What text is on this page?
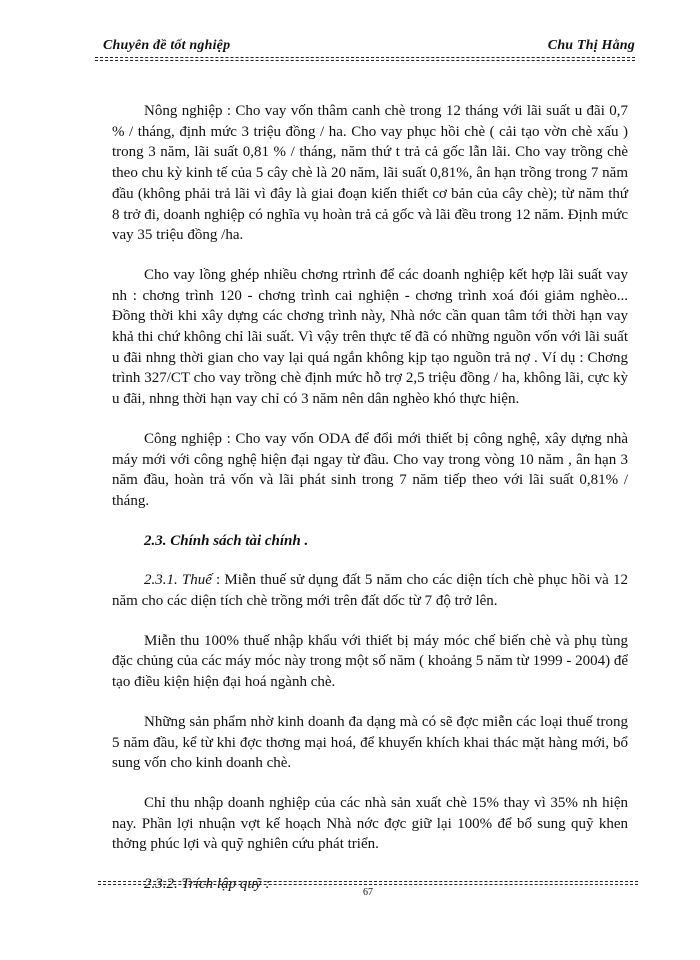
Chuyên đề tốt nghiệp	Chu Thị Hằng

Nông nghiệp : Cho vay vốn thâm canh chè trong 12 tháng với lãi suất u đãi 0,7 % / tháng, định mức 3 triệu đồng / ha. Cho vay phục hồi chè ( cải tạo vờn chè xấu ) trong 3 năm, lãi suất 0,81 % / tháng, năm thứ t trả cả gốc lẫn lãi. Cho vay trồng chè theo chu kỳ kinh tế của 5 cây chè là 20 năm, lãi suất 0,81%, ân hạn trồng trong 7 năm đầu (không phải trả lãi vì đây là giai đoạn kiến thiết cơ bản của cây chè); từ năm thứ 8 trở đi, doanh nghiệp có nghĩa vụ hoàn trả cả gốc và lãi đều trong 12 năm. Định mức vay 35 triệu đồng /ha.

Cho vay lồng ghép nhiều chơng rtrình để các doanh nghiệp kết hợp lãi suất vay nh : chơng trình 120 - chơng trình cai nghiện - chơng trình xoá đói giảm nghèo... Đồng thời khi xây dựng các chơng trình này, Nhà nớc cần quan tâm tới thời hạn vay khả thi chứ không chỉ lãi suất. Vì vậy trên thực tế đã có những nguồn vốn với lãi suất u đãi nhng thời gian cho vay lại quá ngắn không kịp tạo nguồn trả nợ . Ví dụ : Chơng trình 327/CT cho vay trồng chè định mức hỗ trợ 2,5 triệu đồng / ha, không lãi, cực kỳ u đãi, nhng thời hạn vay chỉ có 3 năm nên dân nghèo khó thực hiện.

Công nghiệp : Cho vay vốn ODA để đổi mới thiết bị công nghệ, xây dựng nhà máy mới với công nghệ hiện đại ngay từ đầu. Cho vay trong vòng 10 năm , ân hạn 3 năm đầu, hoàn trả vốn và lãi phát sinh trong 7 năm tiếp theo với lãi suất 0,81% / tháng.

2.3. Chính sách tài chính .

2.3.1. Thuế : Miễn thuế sử dụng đất 5 năm cho các diện tích chè phục hồi và 12 năm cho các diện tích chè trồng mới trên đất dốc từ 7 độ trở lên.

Miễn thu 100% thuế nhập khẩu với thiết bị máy móc chế biến chè và phụ tùng đặc chủng của các máy móc này trong một số năm ( khoảng 5 năm từ 1999 - 2004) để tạo điều kiện hiện đại hoá ngành chè.

Những sản phẩm nhờ kinh doanh đa dạng mà có sẽ đợc miễn các loại thuế trong 5 năm đầu, kể từ khi đợc thơng mại hoá, để khuyến khích khai thác mặt hàng mới, bổ sung vốn cho kinh doanh chè.

Chỉ thu nhập doanh nghiệp của các nhà sản xuất chè 15% thay vì 35% nh hiện nay. Phần lợi nhuận vợt kế hoạch Nhà nớc đợc giữ lại 100% để bổ sung quỹ khen thởng phúc lợi và quỹ nghiên cứu phát triển.

2.3.2. Trích lập quỹ :

67
